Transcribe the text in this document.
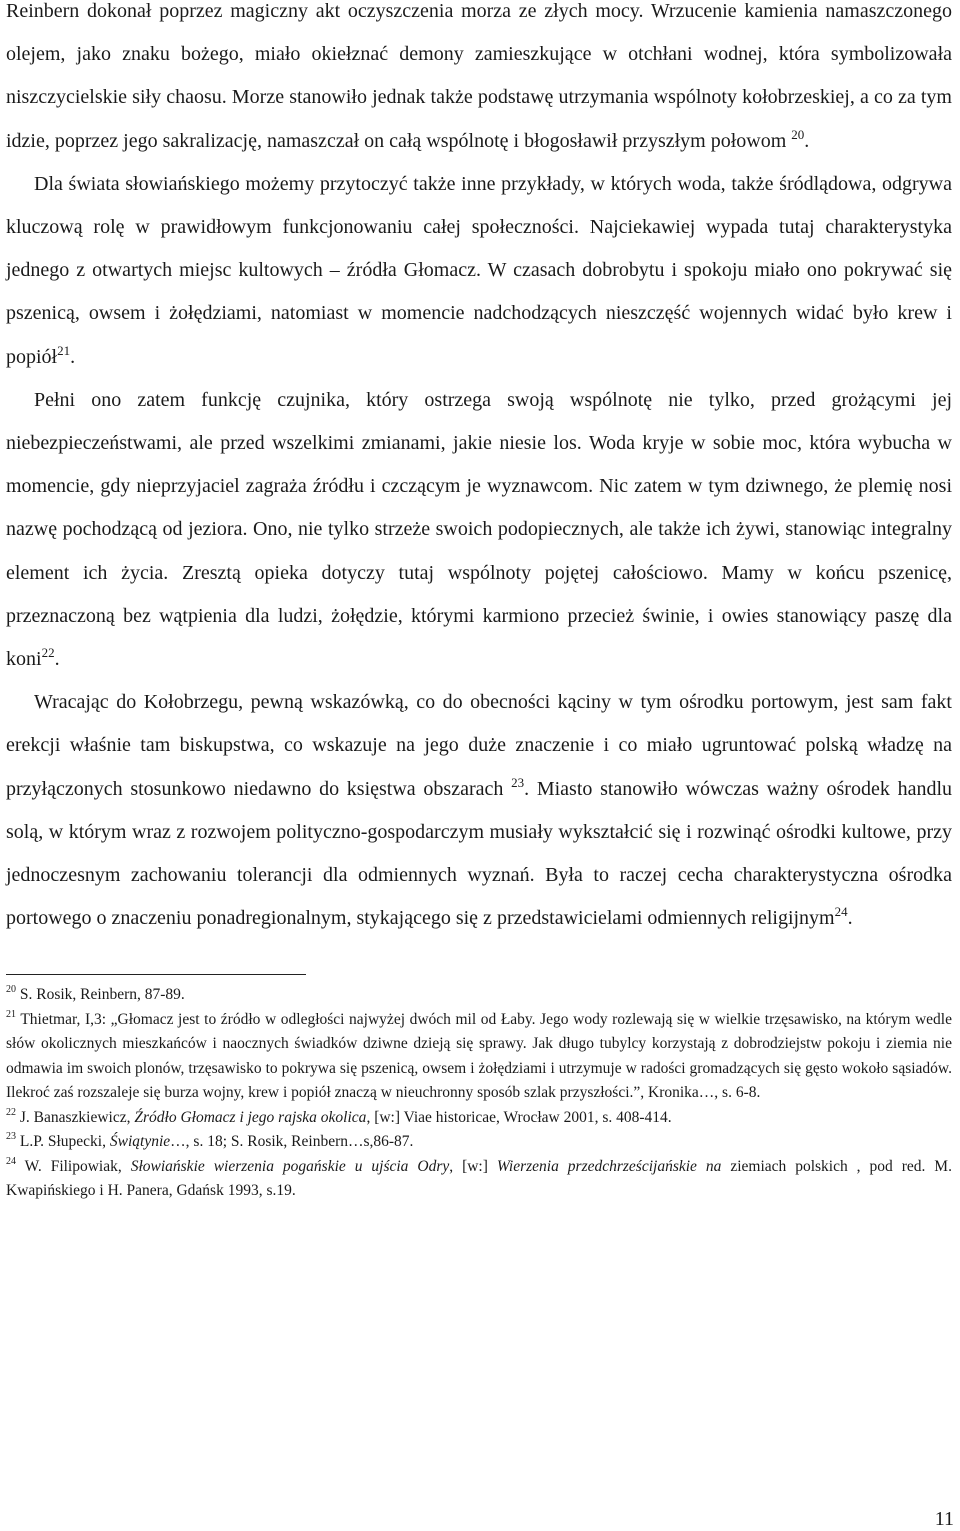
Reinbern dokonał poprzez magiczny akt oczyszczenia morza ze złych mocy. Wrzucenie kamienia namaszczonego olejem, jako znaku bożego, miało okiełznać demony zamieszkujące w otchłani wodnej, która symbolizowała niszczycielskie siły chaosu. Morze stanowiło jednak także podstawę utrzymania wspólnoty kołobrzeskiej, a co za tym idzie, poprzez jego sakralizację, namaszczał on całą wspólnotę i błogosławił przyszłym połowom $^{20}$.

Dla świata słowiańskiego możemy przytoczyć także inne przykłady, w których woda, także śródlądowa, odgrywa kluczową rolę w prawidłowym funkcjonowaniu całej społeczności. Najciekawiej wypada tutaj charakterystyka jednego z otwartych miejsc kultowych – źródła Głomacz. W czasach dobrobytu i spokoju miało ono pokrywać się pszenicą, owsem i żołędziami, natomiast w momencie nadchodzących nieszczęść wojennych widać było krew i popiół$^{21}$.

Pełni ono zatem funkcję czujnika, który ostrzega swoją wspólnotę nie tylko, przed grożącymi jej niebezpieczeństwami, ale przed wszelkimi zmianami, jakie niesie los. Woda kryje w sobie moc, która wybucha w momencie, gdy nieprzyjaciel zagraża źródłu i czczącym je wyznawcom. Nic zatem w tym dziwnego, że plemię nosi nazwę pochodzącą od jeziora. Ono, nie tylko strzeże swoich podopiecznych, ale także ich żywi, stanowiąc integralny element ich życia. Zresztą opieka dotyczy tutaj wspólnoty pojętej całościowo. Mamy w końcu pszenicę, przeznaczoną bez wątpienia dla ludzi, żołędzie, którymi karmiono przecież świnie, i owies stanowiący paszę dla koni$^{22}$.

Wracając do Kołobrzegu, pewną wskazówką, co do obecności kąciny w tym ośrodku portowym, jest sam fakt erekcji właśnie tam biskupstwa, co wskazuje na jego duże znaczenie i co miało ugruntować polską władzę na przyłączonych stosunkowo niedawno do księstwa obszarach $^{23}$. Miasto stanowiło wówczas ważny ośrodek handlu solą, w którym wraz z rozwojem polityczno-gospodarczym musiały wykształcić się i rozwinąć ośrodki kultowe, przy jednoczesnym zachowaniu tolerancji dla odmiennych wyznań. Była to raczej cecha charakterystyczna ośrodka portowego o znaczeniu ponadregionalnym, stykającego się z przedstawicielami odmiennych religijnym$^{24}$.

$^{20}$ S. Rosik, Reinbern, 87-89.

$^{21}$ Thietmar, I,3: „Głomacz jest to źródło w odległości najwyżej dwóch mil od Łaby. Jego wody rozlewają się w wielkie trzęsawisko, na którym wedle słów okolicznych mieszkańców i naocznych świadków dziwne dzieją się sprawy. Jak długo tubylcy korzystają z dobrodziejstw pokoju i ziemia nie odmawia im swoich plonów, trzęsawisko to pokrywa się pszenicą, owsem i żołędziami i utrzymuje w radości gromadzących się gęsto wokoło sąsiadów. Ilekroć zaś rozszaleje się burza wojny, krew i popiół znaczą w nieuchronny sposób szlak przyszłości.”, Kronika…, s. 6-8.

$^{22}$ J. Banaszkiewicz, Źródło Głomacz i jego rajska okolica, [w:] Viae historicae, Wrocław 2001, s. 408-414.

$^{23}$ L.P. Słupecki, Świątynie…, s. 18; S. Rosik, Reinbern…s,86-87.

$^{24}$ W. Filipowiak, Słowiańskie wierzenia pogańskie u ujścia Odry, [w:] Wierzenia przedchrześcijańskie na ziemiach polskich , pod red. M. Kwapińskiego i H. Panera, Gdańsk 1993, s.19.

11
